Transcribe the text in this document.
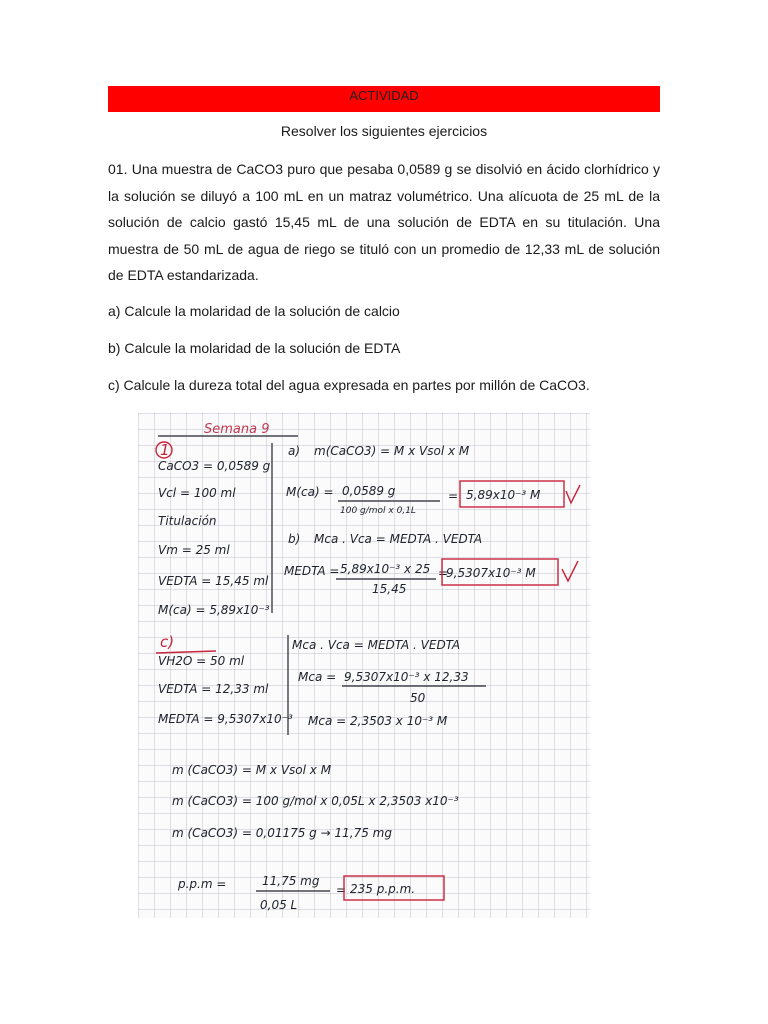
ACTIVIDAD
Resolver los siguientes ejercicios

01. Una muestra de CaCO3 puro que pesaba 0,0589 g se disolvió en ácido clorhídrico y la solución se diluyó a 100 mL en un matraz volumétrico. Una alícuota de 25 mL de la solución de calcio gastó 15,45 mL de una solución de EDTA en su titulación. Una muestra de 50 mL de agua de riego se tituló con un promedio de 12,33 mL de solución de EDTA estandarizada.

a) Calcule la molaridad de la solución de calcio
b) Calcule la molaridad de la solución de EDTA
c) Calcule la dureza total del agua expresada en partes por millón de CaCO3.
Semana 9
1
CaCO3 = 0,0589 g
Vcl = 100 ml
Titulación
Vm = 25 ml
VEDTA = 15,45 ml
M(ca) = 5,89x10⁻³
a) m(CaCO3) = M x Vsol x M
M(ca) = 0,0589 g
100 g/mol x 0,1L
= 5,89x10⁻³ M
b) Mca . Vca = MEDTA . VEDTA
MEDTA = 5,89x10⁻³ x 25
15,45
=
9,5307x10⁻³ M
c)
VH2O = 50 ml
VEDTA = 12,33 ml
MEDTA = 9,5307x10⁻³
Mca . Vca = MEDTA . VEDTA
Mca = 9,5307x10⁻³ x 12,33
50
Mca = 2,3503 x 10⁻³ M
m (CaCO3) = M x Vsol x M
m (CaCO3) = 100 g/mol x 0,05L x 2,3503 x10⁻³
m (CaCO3) = 0,01175 g → 11,75 mg
p.p.m =	11,75 mg
0,05 L
= 235 p.p.m.
